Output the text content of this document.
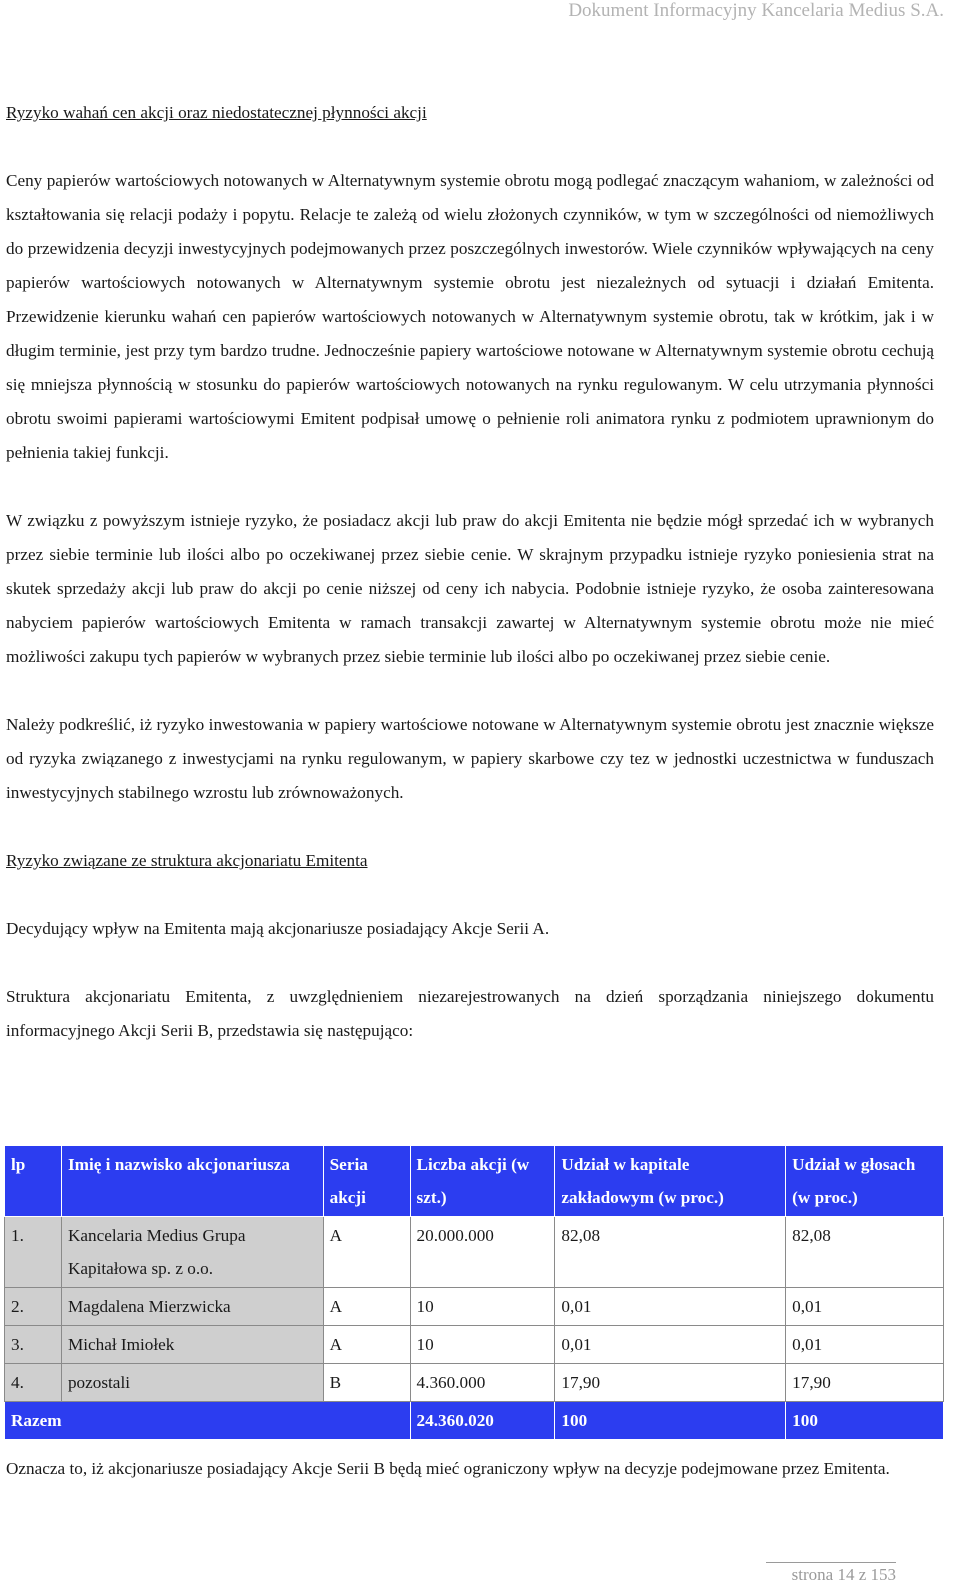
Dokument Informacyjny Kancelaria Medius S.A.

Ryzyko wahań cen akcji oraz niedostatecznej płynności akcji

Ceny papierów wartościowych notowanych w Alternatywnym systemie obrotu mogą podlegać znaczącym wahaniom, w zależności od kształtowania się relacji podaży i popytu. Relacje te zależą od wielu złożonych czynników, w tym w szczególności od niemożliwych do przewidzenia decyzji inwestycyjnych podejmowanych przez poszczególnych inwestorów. Wiele czynników wpływających na ceny papierów wartościowych notowanych w Alternatywnym systemie obrotu jest niezależnych od sytuacji i działań Emitenta. Przewidzenie kierunku wahań cen papierów wartościowych notowanych w Alternatywnym systemie obrotu, tak w krótkim, jak i w długim terminie, jest przy tym bardzo trudne. Jednocześnie papiery wartościowe notowane w Alternatywnym systemie obrotu cechują się mniejsza płynnością w stosunku do papierów wartościowych notowanych na rynku regulowanym. W celu utrzymania płynności obrotu swoimi papierami wartościowymi Emitent podpisał umowę o pełnienie roli animatora rynku z podmiotem uprawnionym do pełnienia takiej funkcji.

W związku z powyższym istnieje ryzyko, że posiadacz akcji lub praw do akcji Emitenta nie będzie mógł sprzedać ich w wybranych przez siebie terminie lub ilości albo po oczekiwanej przez siebie cenie. W skrajnym przypadku istnieje ryzyko poniesienia strat na skutek sprzedaży akcji lub praw do akcji po cenie niższej od ceny ich nabycia. Podobnie istnieje ryzyko, że osoba zainteresowana nabyciem papierów wartościowych Emitenta w ramach transakcji zawartej w Alternatywnym systemie obrotu może nie mieć możliwości zakupu tych papierów w wybranych przez siebie terminie lub ilości albo po oczekiwanej przez siebie cenie.

Należy podkreślić, iż ryzyko inwestowania w papiery wartościowe notowane w Alternatywnym systemie obrotu jest znacznie większe od ryzyka związanego z inwestycjami na rynku regulowanym, w papiery skarbowe czy tez w jednostki uczestnictwa w funduszach inwestycyjnych stabilnego wzrostu lub zrównoważonych.

Ryzyko związane ze struktura akcjonariatu Emitenta

Decydujący wpływ na Emitenta mają akcjonariusze posiadający Akcje Serii A.

Struktura akcjonariatu Emitenta, z uwzględnieniem niezarejestrowanych na dzień sporządzania niniejszego dokumentu informacyjnego Akcji Serii B, przedstawia się następująco:

lp	Imię i nazwisko akcjonariusza	Seria akcji	Liczba akcji (w szt.)	Udział w kapitale zakładowym (w proc.)	Udział w głosach (w proc.)
1.	Kancelaria Medius Grupa Kapitałowa sp. z o.o.	A	20.000.000	82,08	82,08
2.	Magdalena Mierzwicka	A	10	0,01	0,01
3.	Michał Imiołek	A	10	0,01	0,01
4.	pozostali	B	4.360.000	17,90	17,90
Razem			24.360.020	100	100
Oznacza to, iż akcjonariusze posiadający Akcje Serii B będą mieć ograniczony wpływ na decyzje podejmowane przez Emitenta.
strona 14 z 153
